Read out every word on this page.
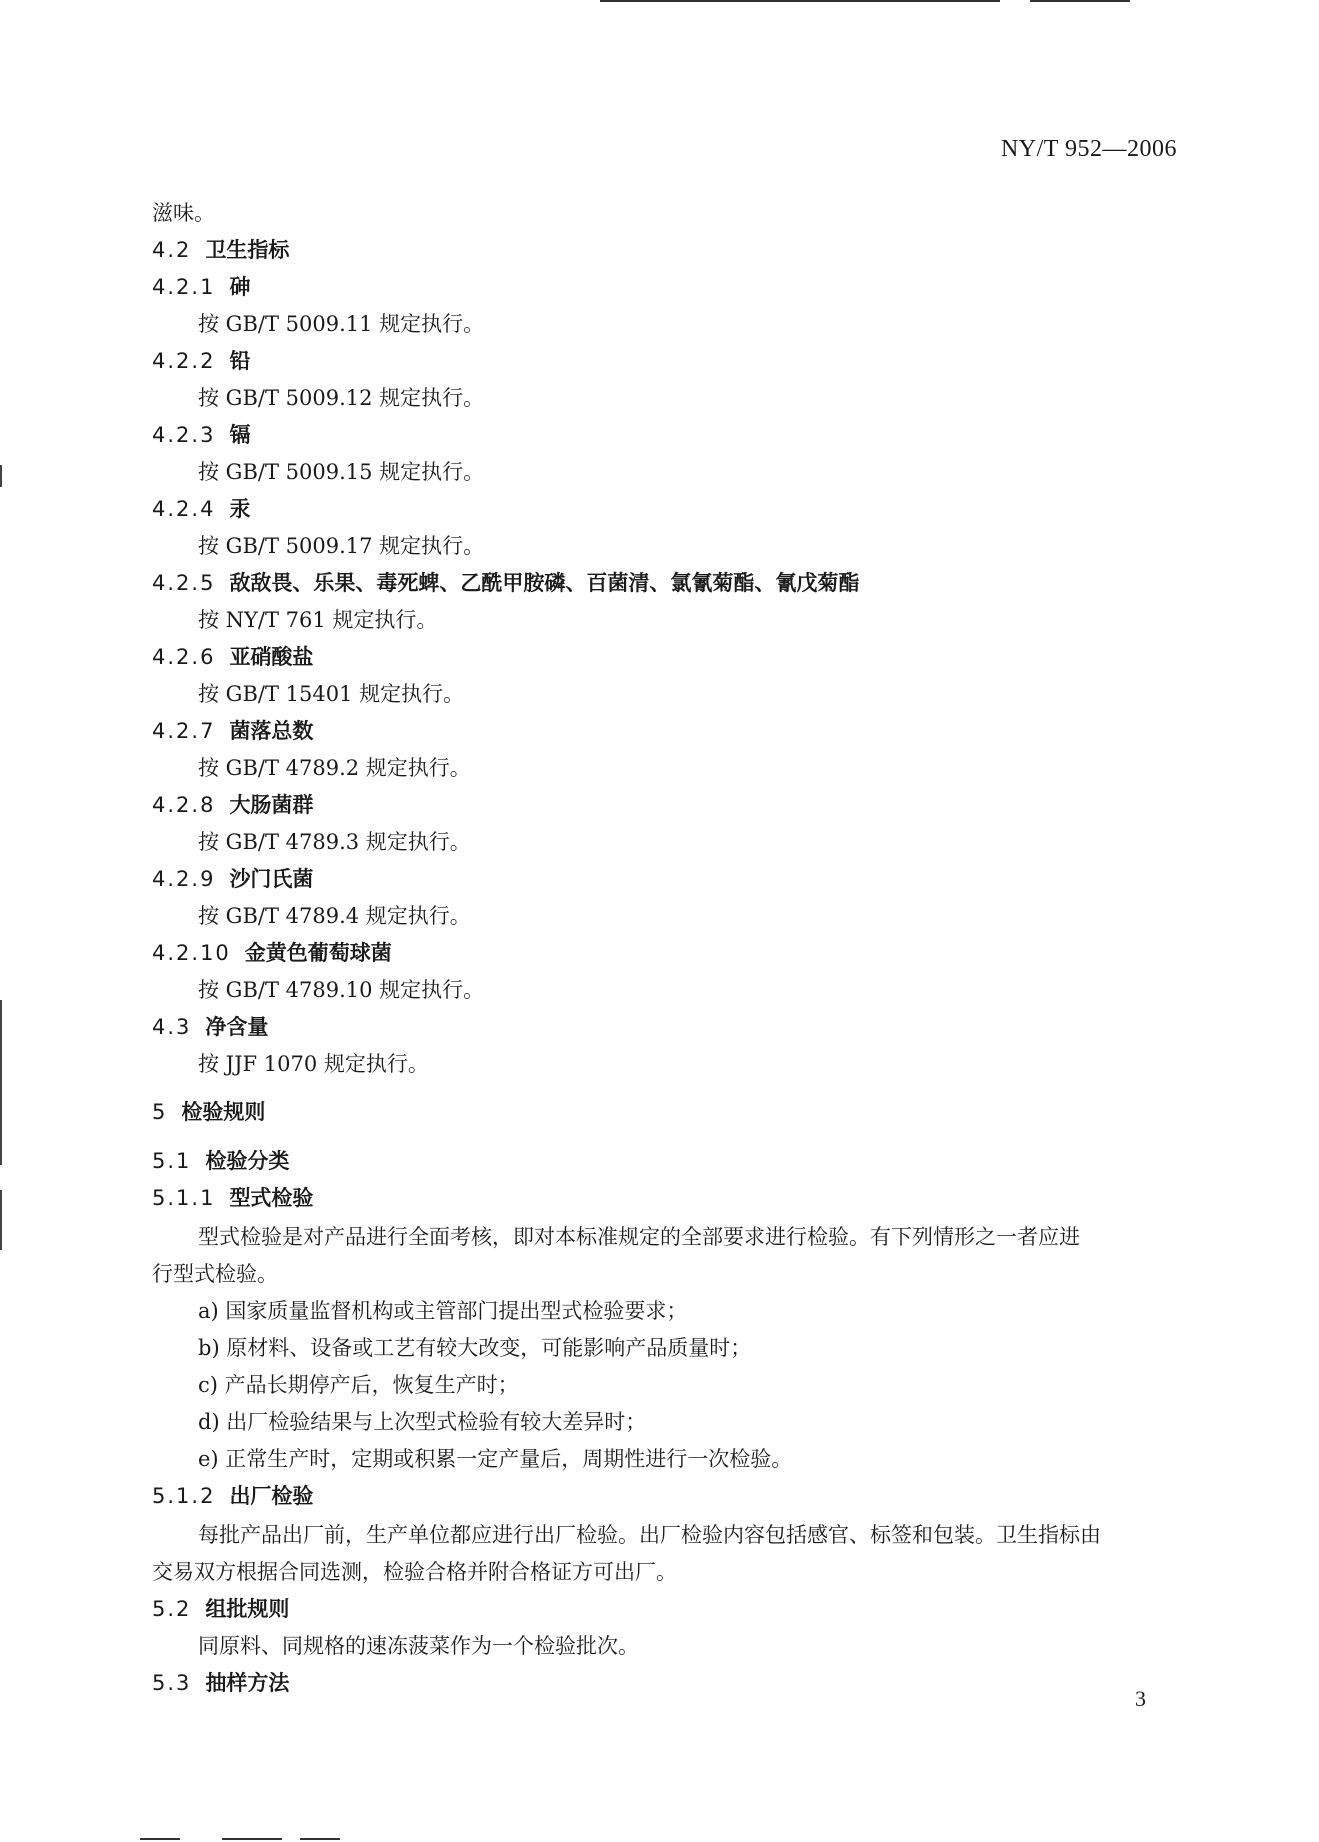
NY/T 952—2006
滋味。
4.2 卫生指标
4.2.1 砷
按 GB/T 5009.11 规定执行。
4.2.2 铅
按 GB/T 5009.12 规定执行。
4.2.3 镉
按 GB/T 5009.15 规定执行。
4.2.4 汞
按 GB/T 5009.17 规定执行。
4.2.5 敌敌畏、乐果、毒死蜱、乙酰甲胺磷、百菌清、氯氰菊酯、氰戊菊酯
按 NY/T 761 规定执行。
4.2.6 亚硝酸盐
按 GB/T 15401 规定执行。
4.2.7 菌落总数
按 GB/T 4789.2 规定执行。
4.2.8 大肠菌群
按 GB/T 4789.3 规定执行。
4.2.9 沙门氏菌
按 GB/T 4789.4 规定执行。
4.2.10 金黄色葡萄球菌
按 GB/T 4789.10 规定执行。
4.3 净含量
按 JJF 1070 规定执行。
5 检验规则
5.1 检验分类
5.1.1 型式检验
型式检验是对产品进行全面考核，即对本标准规定的全部要求进行检验。有下列情形之一者应进
行型式检验。
a) 国家质量监督机构或主管部门提出型式检验要求；
b) 原材料、设备或工艺有较大改变，可能影响产品质量时；
c) 产品长期停产后，恢复生产时；
d) 出厂检验结果与上次型式检验有较大差异时；
e) 正常生产时，定期或积累一定产量后，周期性进行一次检验。
5.1.2 出厂检验
每批产品出厂前，生产单位都应进行出厂检验。出厂检验内容包括感官、标签和包装。卫生指标由
交易双方根据合同选测，检验合格并附合格证方可出厂。
5.2 组批规则
同原料、同规格的速冻菠菜作为一个检验批次。
5.3 抽样方法
3
